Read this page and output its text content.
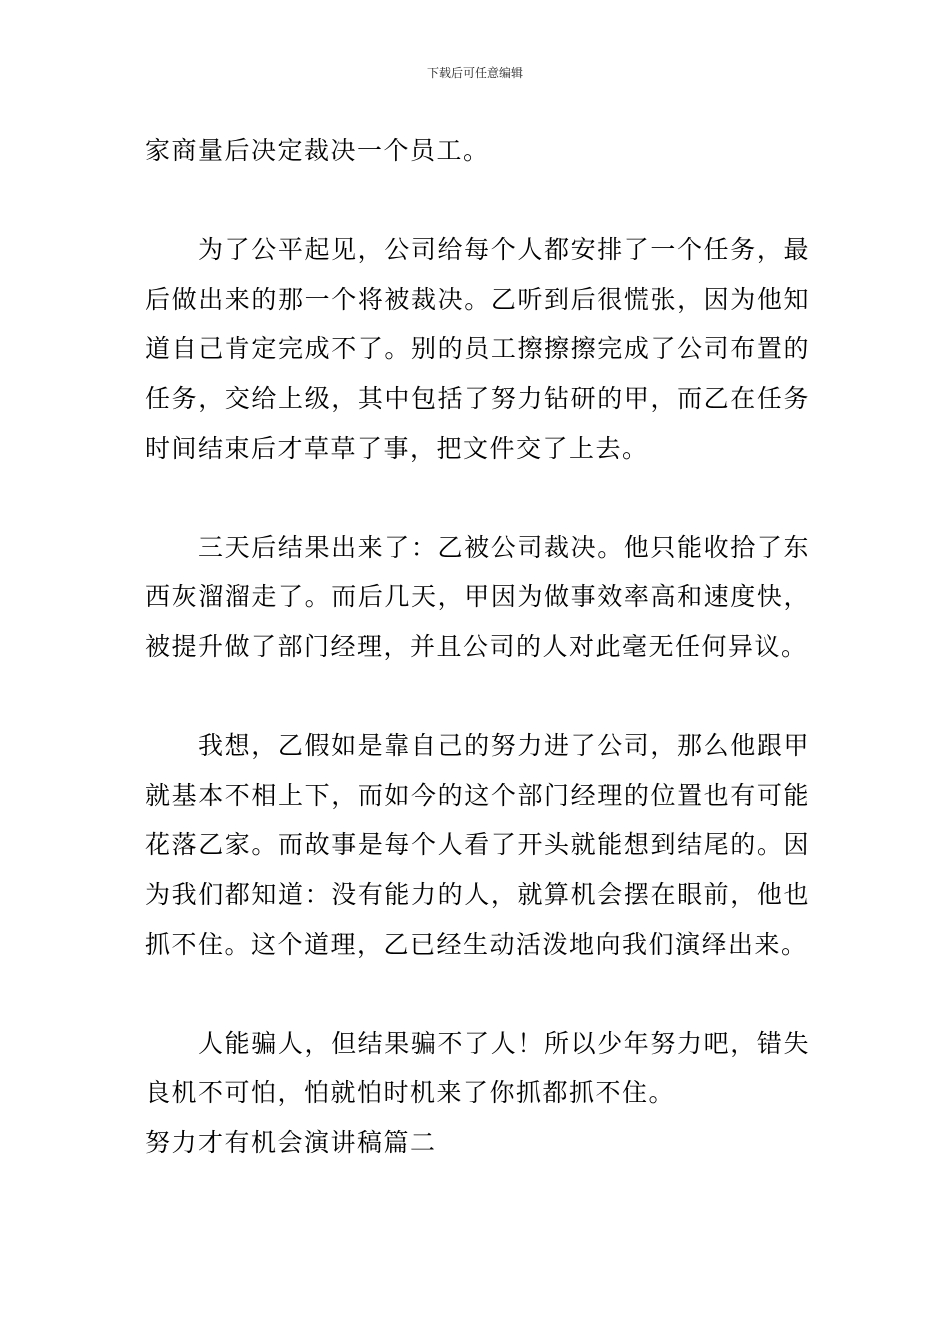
下载后可任意编辑

家商量后决定裁决一个员工。

为了公平起见，公司给每个人都安排了一个任务，最后做出来的那一个将被裁决。乙听到后很慌张，因为他知道自己肯定完成不了。别的员工擦擦擦完成了公司布置的任务，交给上级，其中包括了努力钻研的甲，而乙在任务时间结束后才草草了事，把文件交了上去。

三天后结果出来了：乙被公司裁决。他只能收拾了东西灰溜溜走了。而后几天，甲因为做事效率高和速度快，被提升做了部门经理，并且公司的人对此毫无任何异议。

我想，乙假如是靠自己的努力进了公司，那么他跟甲就基本不相上下，而如今的这个部门经理的位置也有可能花落乙家。而故事是每个人看了开头就能想到结尾的。因为我们都知道：没有能力的人，就算机会摆在眼前，他也抓不住。这个道理，乙已经生动活泼地向我们演绎出来。

人能骗人，但结果骗不了人！所以少年努力吧，错失良机不可怕，怕就怕时机来了你抓都抓不住。

努力才有机会演讲稿篇二
